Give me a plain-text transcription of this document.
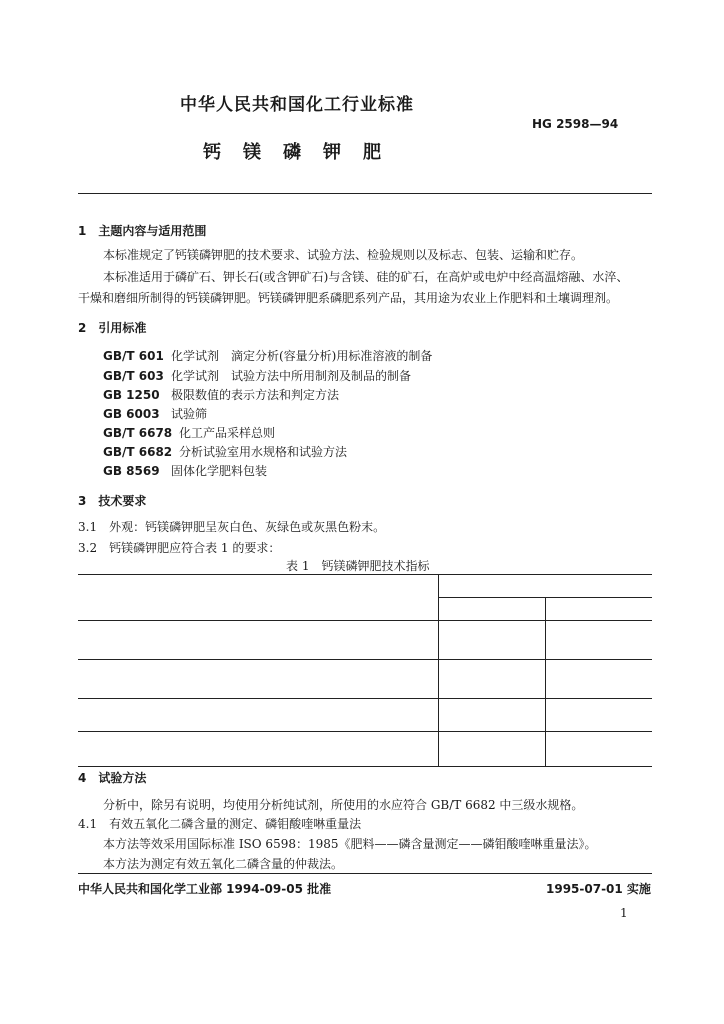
中华人民共和国化工行业标准
HG 2598—94
钙镁磷钾肥
1　主题内容与适用范围
本标准规定了钙镁磷钾肥的技术要求、试验方法、检验规则以及标志、包装、运输和贮存。
本标准适用于磷矿石、钾长石(或含钾矿石)与含镁、硅的矿石，在高炉或电炉中经高温熔融、水淬、
干燥和磨细所制得的钙镁磷钾肥。钙镁磷钾肥系磷肥系列产品，其用途为农业上作肥料和土壤调理剂。
2　引用标准
GB/T 601 化学试剂　滴定分析(容量分析)用标准溶液的制备
GB/T 603 化学试剂　试验方法中所用制剂及制品的制备
GB 1250 极限数值的表示方法和判定方法
GB 6003 试验筛
GB/T 6678 化工产品采样总则
GB/T 6682 分析试验室用水规格和试验方法
GB 8569 固体化学肥料包装
3　技术要求
3.1　外观：钙镁磷钾肥呈灰白色、灰绿色或灰黑色粉末。
3.2　钙镁磷钾肥应符合表 1 的要求：
表 1　钙镁磷钾肥技术指标

4　试验方法
分析中，除另有说明，均使用分析纯试剂，所使用的水应符合 GB/T 6682 中三级水规格。
4.1　有效五氧化二磷含量的测定、磷钼酸喹啉重量法
本方法等效采用国际标准 ISO 6598：1985《肥料——磷含量测定——磷钼酸喹啉重量法》。
本方法为测定有效五氧化二磷含量的仲裁法。
中华人民共和国化学工业部 1994-09-05 批准	1995-07-01 实施
1
